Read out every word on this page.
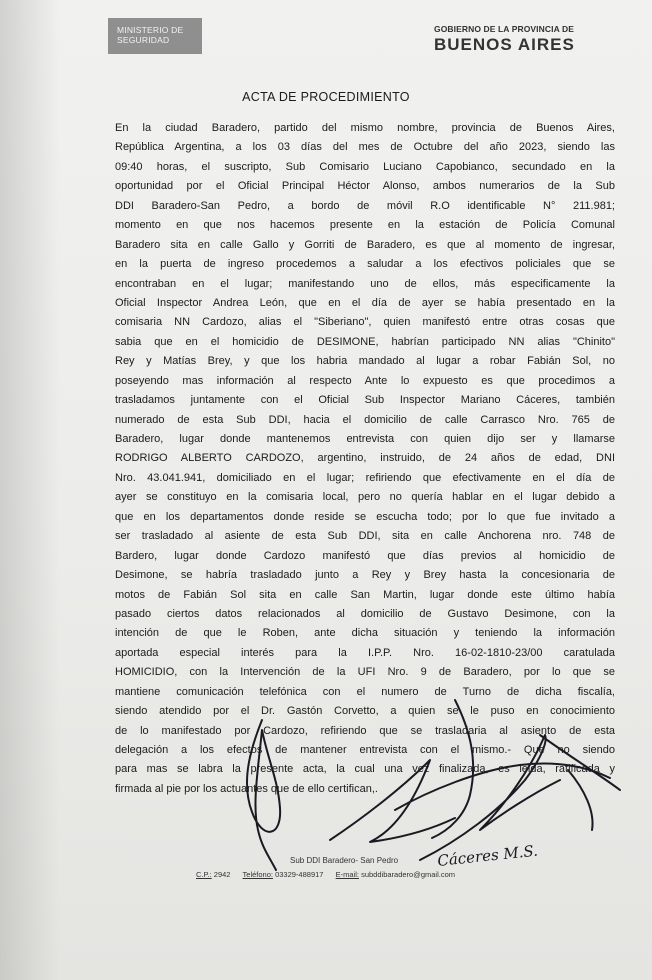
MINISTERIO DE
SEGURIDAD
GOBIERNO DE LA PROVINCIA DE
BUENOS AIRES
ACTA DE PROCEDIMIENTO
En la ciudad Baradero, partido del mismo nombre, provincia de Buenos Aires,
República Argentina, a los 03 días del mes de Octubre del año 2023, siendo las
09:40 horas, el suscripto, Sub Comisario Luciano Capobianco, secundado en la
oportunidad por el Oficial Principal Héctor Alonso, ambos numerarios de la Sub
DDI Baradero-San Pedro, a bordo de móvil R.O identificable N° 211.981;
momento en que nos hacemos presente en la estación de Policía Comunal
Baradero sita en calle Gallo y Gorriti de Baradero, es que al momento de ingresar,
en la puerta de ingreso procedemos a saludar a los efectivos policiales que se
encontraban en el lugar; manifestando uno de ellos, más especificamente la
Oficial Inspector Andrea León, que en el día de ayer se había presentado en la
comisaria NN Cardozo, alias el "Siberiano", quien manifestó entre otras cosas que
sabia que en el homicidio de DESIMONE, habrían participado NN alias "Chinito"
Rey y Matías Brey, y que los habria mandado al lugar a robar Fabián Sol, no
poseyendo mas información al respecto Ante lo expuesto es que procedimos a
trasladamos juntamente con el Oficial Sub Inspector Mariano Cáceres, también
numerado de esta Sub DDI, hacia el domicilio de calle Carrasco Nro. 765 de
Baradero, lugar donde mantenemos entrevista con quien dijo ser y llamarse
RODRIGO ALBERTO CARDOZO, argentino, instruido, de 24 años de edad, DNI
Nro. 43.041.941, domiciliado en el lugar; refiriendo que efectivamente en el día de
ayer se constituyo en la comisaria local, pero no quería hablar en el lugar debido a
que en los departamentos donde reside se escucha todo; por lo que fue invitado a
ser trasladado al asiente de esta Sub DDI, sita en calle Anchorena nro. 748 de
Bardero, lugar donde Cardozo manifestó que días previos al homicidio de
Desimone, se habría trasladado junto a Rey y Brey hasta la concesionaria de
motos de Fabián Sol sita en calle San Martin, lugar donde este último había
pasado ciertos datos relacionados al domicilio de Gustavo Desimone, con la
intención de que le Roben, ante dicha situación y teniendo la información
aportada especial interés para la I.P.P. Nro. 16-02-1810-23/00 caratulada
HOMICIDIO, con la Intervención de la UFI Nro. 9 de Baradero, por lo que se
mantiene comunicación telefónica con el numero de Turno de dicha fiscalía,
siendo atendido por el Dr. Gastón Corvetto, a quien se le puso en conocimiento
de lo manifestado por Cardozo, refiriendo que se trasladaria al asiento de esta
delegación a los efectos de mantener entrevista con el mismo.- Que no siendo
para mas se labra la presente acta, la cual una vez finalizada, es leida, ratificada y
firmada al pie por los actuantes que de ello certifican,.
Cáceres M.S.
Sub DDI Baradero- San Pedro
C.P.: 2942 Teléfono: 03329-488917 E-mail: subddibaradero@gmail.com
